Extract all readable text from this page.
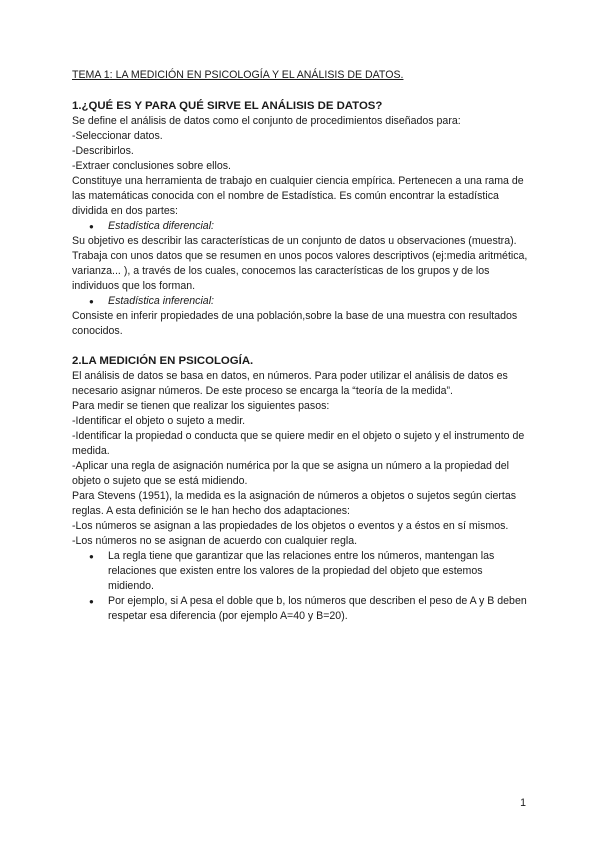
TEMA 1: LA MEDICIÓN EN PSICOLOGÍA Y EL ANÁLISIS DE DATOS.

1.¿QUÉ ES Y PARA QUÉ SIRVE EL ANÁLISIS DE DATOS?

Se define el análisis de datos como el conjunto de procedimientos diseñados para:

-Seleccionar datos.

-Describirlos.

-Extraer conclusiones sobre ellos.

Constituye una herramienta de trabajo en cualquier ciencia empírica. Pertenecen a una rama de las matemáticas conocida con el nombre de Estadística. Es común encontrar la estadística dividida en dos partes:

● Estadística diferencial:

Su objetivo es describir las características de un conjunto de datos u observaciones (muestra).

Trabaja con unos datos que se resumen en unos pocos valores descriptivos (ej:media aritmética, varianza... ), a través de los cuales, conocemos las características de los grupos y de los individuos que los forman.

● Estadística inferencial:

Consiste en inferir propiedades de una población,sobre la base de una muestra con resultados conocidos.

2.LA MEDICIÓN EN PSICOLOGÍA.

El análisis de datos se basa en datos, en números. Para poder utilizar el análisis de datos es necesario asignar números. De este proceso se encarga la “teoría de la medida”.

Para medir se tienen que realizar los siguientes pasos:

-Identificar el objeto o sujeto a medir.

-Identificar la propiedad o conducta que se quiere medir en el objeto o sujeto y el instrumento de medida.

-Aplicar una regla de asignación numérica por la que se asigna un número a la propiedad del objeto o sujeto que se está midiendo.

Para Stevens (1951), la medida es la asignación de números a objetos o sujetos según ciertas reglas. A esta definición se le han hecho dos adaptaciones:

-Los números se asignan a las propiedades de los objetos o eventos y a éstos en sí mismos.

-Los números no se asignan de acuerdo con cualquier regla.

● La regla tiene que garantizar que las relaciones entre los números, mantengan las relaciones que existen entre los valores de la propiedad del objeto que estemos midiendo.
● Por ejemplo, si A pesa el doble que b, los números que describen el peso de A y B deben respetar esa diferencia (por ejemplo A=40 y B=20).
1
